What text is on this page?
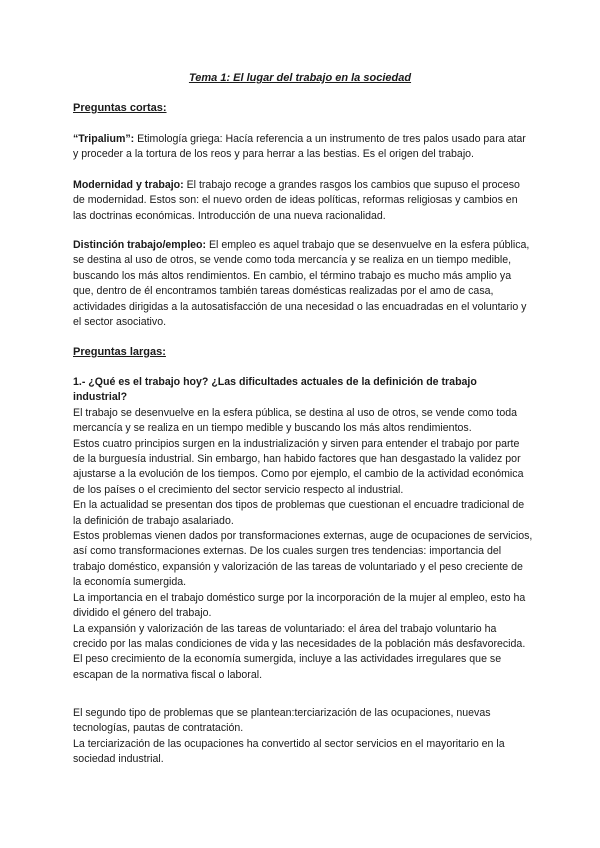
Tema 1: El lugar del trabajo en la sociedad
Preguntas cortas:

“Tripalium”: Etimología griega: Hacía referencia a un instrumento de tres palos usado para atar y proceder a la tortura de los reos y para herrar a las bestias. Es el origen del trabajo.

Modernidad y trabajo: El trabajo recoge a grandes rasgos los cambios que supuso el proceso de modernidad. Estos son: el nuevo orden de ideas políticas, reformas religiosas y cambios en las doctrinas económicas. Introducción de una nueva racionalidad.

Distinción trabajo/empleo: El empleo es aquel trabajo que se desenvuelve en la esfera pública, se destina al uso de otros, se vende como toda mercancía y se realiza en un tiempo medible, buscando los más altos rendimientos. En cambio, el término trabajo es mucho más amplio ya que, dentro de él encontramos también tareas domésticas realizadas por el amo de casa, actividades dirigidas a la autosatisfacción de una necesidad o las encuadradas en el voluntario y el sector asociativo.

Preguntas largas:

1.- ¿Qué es el trabajo hoy? ¿Las dificultades actuales de la definición de trabajo industrial?

El trabajo se desenvuelve en la esfera pública, se destina al uso de otros, se vende como toda mercancía y se realiza en un tiempo medible y buscando los más altos rendimientos.

Estos cuatro principios surgen en la industrialización y sirven para entender el trabajo por parte de la burguesía industrial. Sin embargo, han habido factores que han desgastado la validez por ajustarse a la evolución de los tiempos. Como por ejemplo, el cambio de la actividad económica de los países o el crecimiento del sector servicio respecto al industrial.

En la actualidad se presentan dos tipos de problemas que cuestionan el encuadre tradicional de la definición de trabajo asalariado.

Estos problemas vienen dados por transformaciones externas, auge de ocupaciones de servicios, así como transformaciones externas. De los cuales surgen tres tendencias: importancia del trabajo doméstico, expansión y valorización de las tareas de voluntariado y el peso creciente de la economía sumergida.

La importancia en el trabajo doméstico surge por la incorporación de la mujer al empleo, esto ha dividido el género del trabajo.

La expansión y valorización de las tareas de voluntariado: el área del trabajo voluntario ha crecido por las malas condiciones de vida y las necesidades de la población más desfavorecida.

El peso crecimiento de la economía sumergida, incluye a las actividades irregulares que se escapan de la normativa fiscal o laboral.

El segundo tipo de problemas que se plantean:terciarización de las ocupaciones, nuevas tecnologías, pautas de contratación.

La terciarización de las ocupaciones ha convertido al sector servicios en el mayoritario en la sociedad industrial.
